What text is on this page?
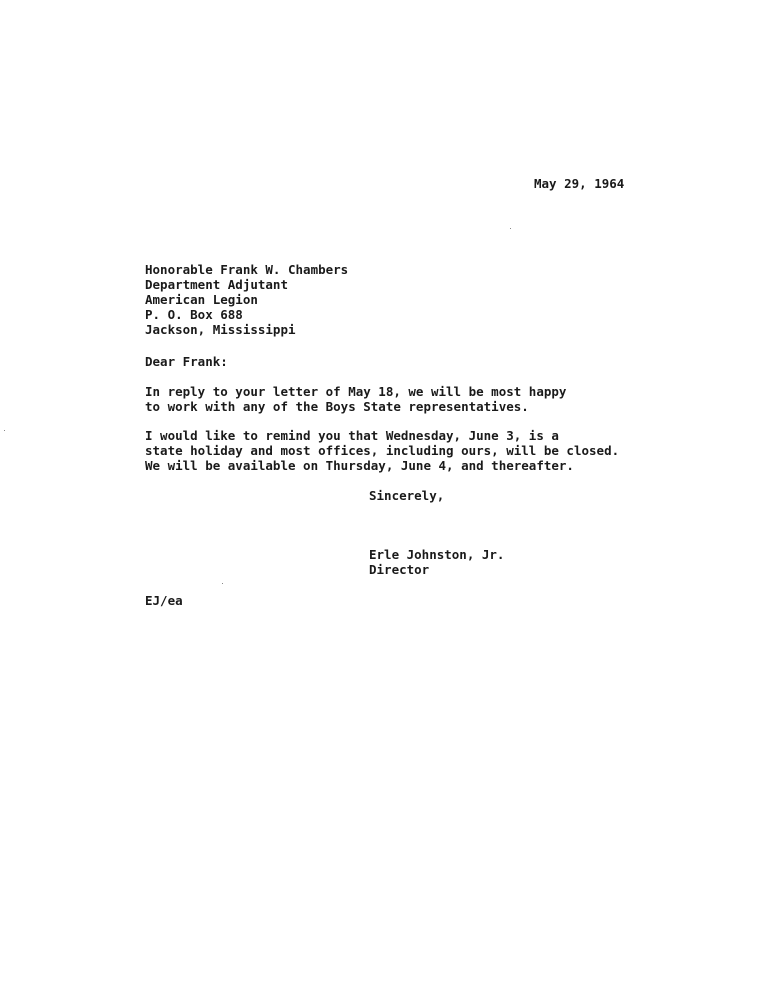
May 29, 1964
Honorable Frank W. Chambers
Department Adjutant
American Legion
P. O. Box 688
Jackson, Mississippi
Dear Frank:
In reply to your letter of May 18, we will be most happy
to work with any of the Boys State representatives.
I would like to remind you that Wednesday, June 3, is a
state holiday and most offices, including ours, will be closed.
We will be available on Thursday, June 4, and thereafter.
Sincerely,
Erle Johnston, Jr.
Director
EJ/ea
